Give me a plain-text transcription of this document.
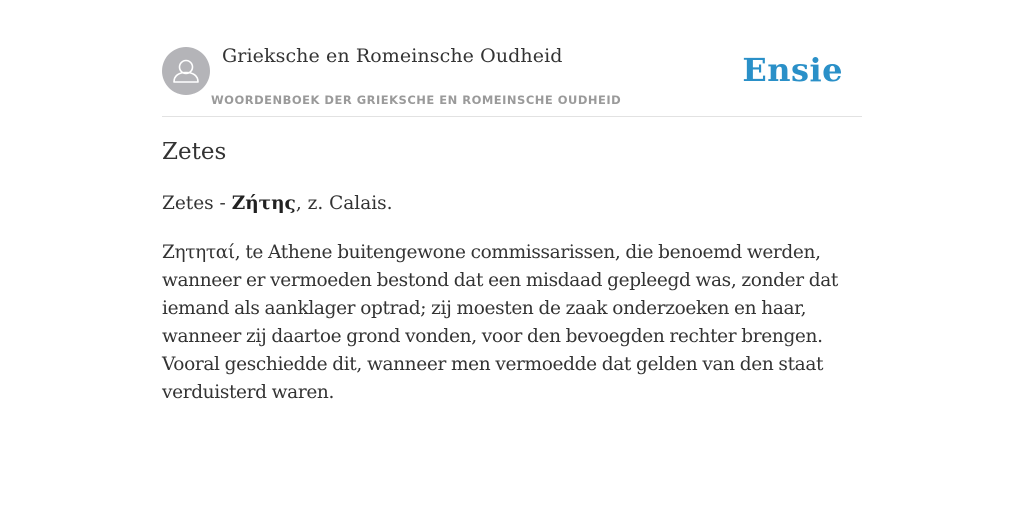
Grieksche en Romeinsche Oudheid
WOORDENBOEK DER GRIEKSCHE EN ROMEINSCHE OUDHEID
Ensie
Zetes

Zetes - Ζήτης, z. Calais.

Ζητηταί, te Athene buitengewone commissarissen, die benoemd werden, wanneer er vermoeden bestond dat een misdaad gepleegd was, zonder dat iemand als aanklager optrad; zij moesten de zaak onderzoeken en haar, wanneer zij daartoe grond vonden, voor den bevoegden rechter brengen. Vooral geschiedde dit, wanneer men vermoedde dat gelden van den staat verduisterd waren.
